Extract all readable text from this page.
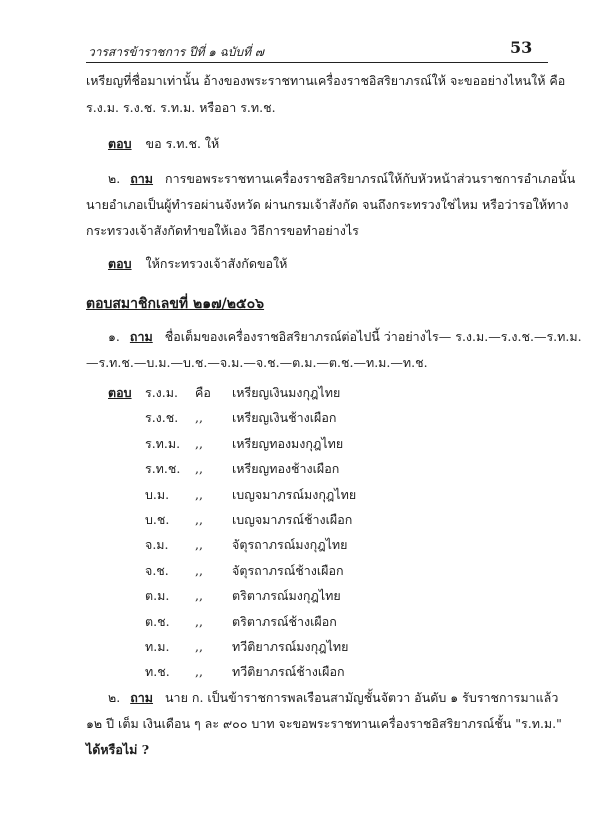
วารสารข้าราชการ ปีที่ ๑ ฉบับที่ ๗	53
เหรียญที่ชื่อมาเท่านั้น อ้างของพระราชทานเครื่องราชอิสริยาภรณ์ให้ จะขออย่างไหนให้ คือ
ร.ง.ม. ร.ง.ช. ร.ท.ม. หรืออา ร.ท.ช.
ตอบ ขอ ร.ท.ช. ให้
๒. ถาม การขอพระราชทานเครื่องราชอิสริยาภรณ์ให้กับหัวหน้าส่วนราชการอำเภอนั้น
นายอำเภอเป็นผู้ทำรอผ่านจังหวัด ผ่านกรมเจ้าสังกัด จนถึงกระทรวงใช่ไหม หรือว่ารอให้ทาง
กระทรวงเจ้าสังกัดทำขอให้เอง วิธีการขอทำอย่างไร
ตอบ ให้กระทรวงเจ้าสังกัดขอให้
ตอบสมาชิกเลขที่ ๒๑๗/๒๕๐๖
๑. ถาม ชื่อเต็มของเครื่องราชอิสริยาภรณ์ต่อไปนี้ ว่าอย่างไร— ร.ง.ม.—ร.ง.ช.—ร.ท.ม.
—ร.ท.ช.—บ.ม.—บ.ช.—จ.ม.—จ.ช.—ต.ม.—ต.ช.—ท.ม.—ท.ช.
ตอบ ร.ง.ม. คือ เหรียญเงินมงกุฎไทย
ร.ง.ช. ,, เหรียญเงินช้างเผือก
ร.ท.ม. ,, เหรียญทองมงกุฎไทย
ร.ท.ช. ,, เหรียญทองช้างเผือก
บ.ม. ,, เบญจมาภรณ์มงกุฎไทย
บ.ช. ,, เบญจมาภรณ์ช้างเผือก
จ.ม. ,, จัตุรถาภรณ์มงกุฎไทย
จ.ช. ,, จัตุรถาภรณ์ช้างเผือก
ต.ม. ,, ตริตาภรณ์มงกุฎไทย
ต.ช. ,, ตริตาภรณ์ช้างเผือก
ท.ม. ,, ทวีติยาภรณ์มงกุฎไทย
ท.ช. ,, ทวีติยาภรณ์ช้างเผือก
๒. ถาม นาย ก. เป็นข้าราชการพลเรือนสามัญชั้นจัตวา อันดับ ๑ รับราชการมาแล้ว
๑๒ ปี เต็ม เงินเดือน ๆ ละ ๙๐๐ บาท จะขอพระราชทานเครื่องราชอิสริยาภรณ์ชั้น "ร.ท.ม."
ได้หรือไม่ ?
